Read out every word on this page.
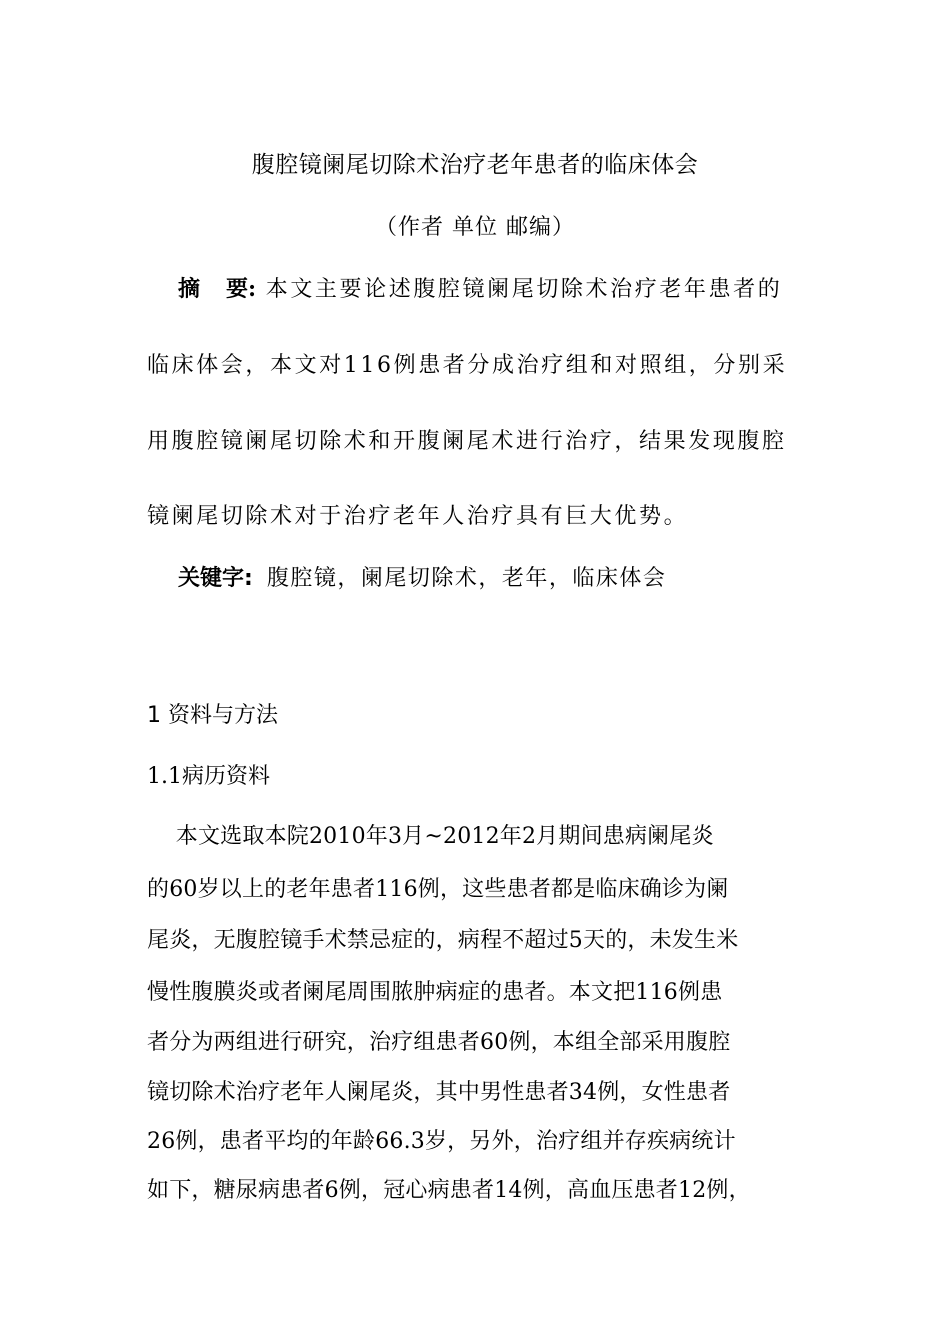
腹腔镜阑尾切除术治疗老年患者的临床体会
（作者 单位 邮编）
摘 要: 本文主要论述腹腔镜阑尾切除术治疗老年患者的
临床体会，本文对116例患者分成治疗组和对照组，分别采
用腹腔镜阑尾切除术和开腹阑尾术进行治疗，结果发现腹腔
镜阑尾切除术对于治疗老年人治疗具有巨大优势。
关键字: 腹腔镜，阑尾切除术，老年，临床体会
1 资料与方法
1.1病历资料
本文选取本院2010年3月~2012年2月期间患病阑尾炎
的60岁以上的老年患者116例，这些患者都是临床确诊为阑
尾炎，无腹腔镜手术禁忌症的，病程不超过5天的，未发生米
慢性腹膜炎或者阑尾周围脓肿病症的患者。本文把116例患
者分为两组进行研究，治疗组患者60例，本组全部采用腹腔
镜切除术治疗老年人阑尾炎，其中男性患者34例，女性患者
26例，患者平均的年龄66.3岁，另外，治疗组并存疾病统计
如下，糖尿病患者6例，冠心病患者14例，高血压患者12例，
